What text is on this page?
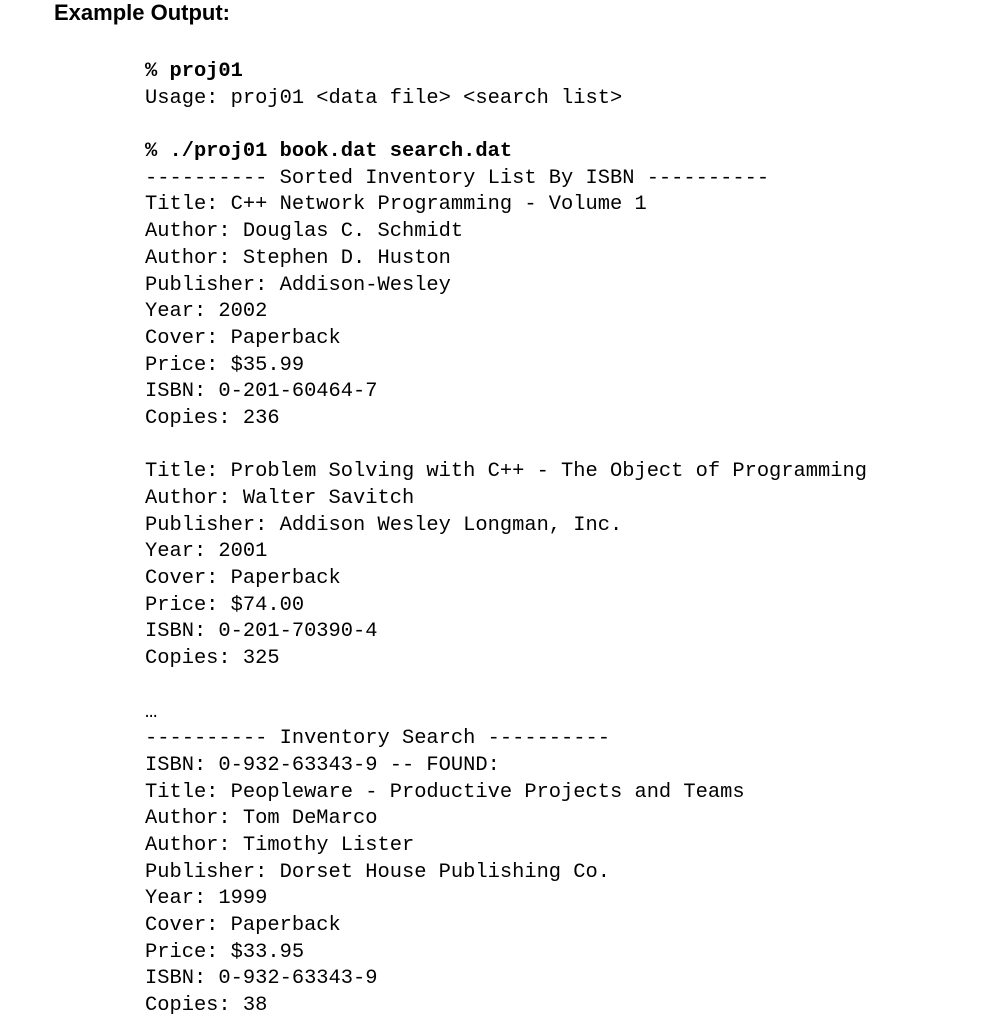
Example Output:
% proj01
Usage: proj01 <data file> <search list>
% ./proj01 book.dat search.dat
---------- Sorted Inventory List By ISBN ----------
Title: C++ Network Programming - Volume 1
Author: Douglas C. Schmidt
Author: Stephen D. Huston
Publisher: Addison-Wesley
Year: 2002
Cover: Paperback
Price: $35.99
ISBN: 0-201-60464-7
Copies: 236
Title: Problem Solving with C++ - The Object of Programming
Author: Walter Savitch
Publisher: Addison Wesley Longman, Inc.
Year: 2001
Cover: Paperback
Price: $74.00
ISBN: 0-201-70390-4
Copies: 325
…
---------- Inventory Search ----------
ISBN: 0-932-63343-9 -- FOUND:
Title: Peopleware - Productive Projects and Teams
Author: Tom DeMarco
Author: Timothy Lister
Publisher: Dorset House Publishing Co.
Year: 1999
Cover: Paperback
Price: $33.95
ISBN: 0-932-63343-9
Copies: 38
